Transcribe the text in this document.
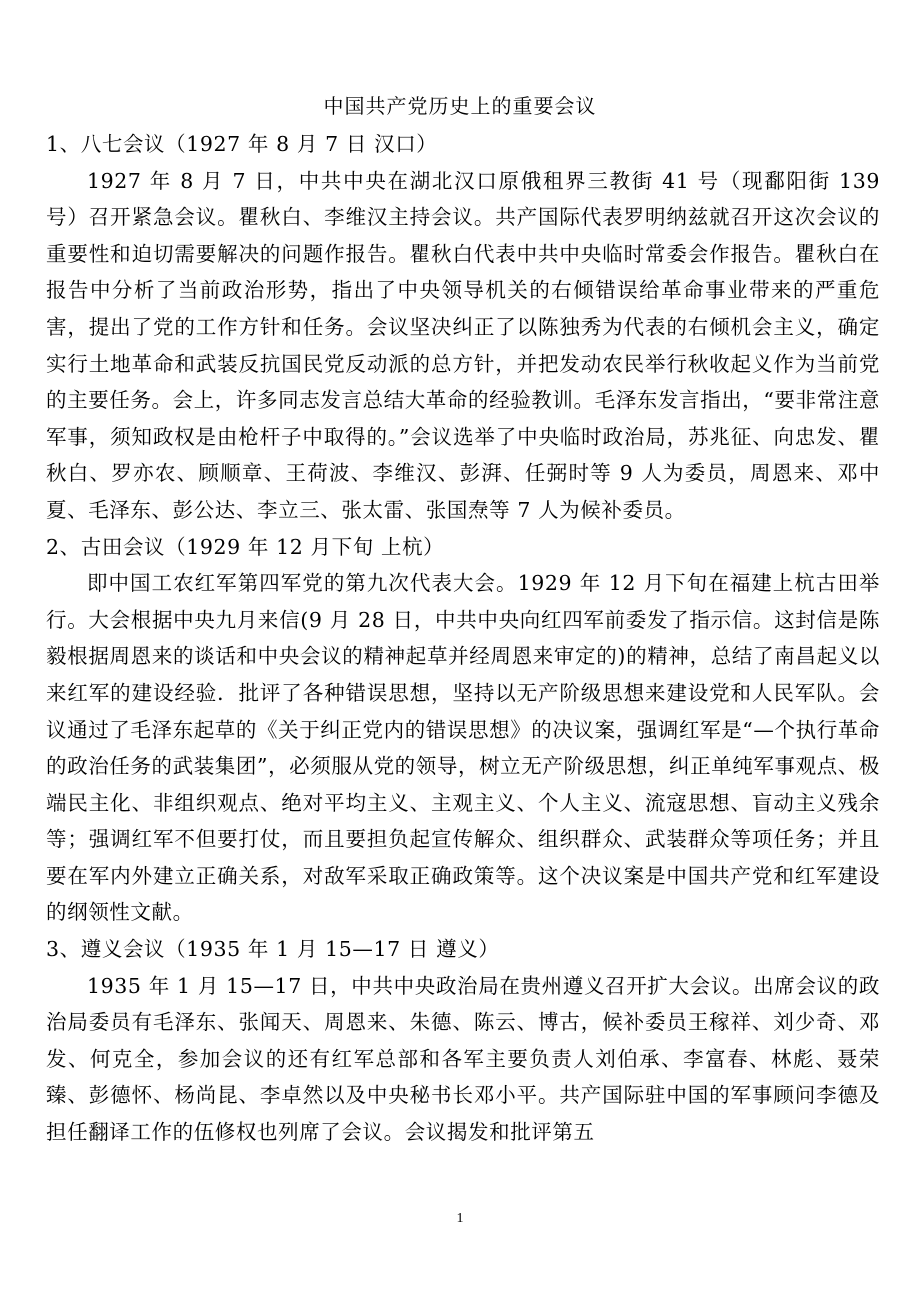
中国共产党历史上的重要会议

1、八七会议（1927 年 8 月 7 日 汉口）

1927 年 8 月 7 日，中共中央在湖北汉口原俄租界三教街 41 号（现鄱阳街 139 号）召开紧急会议。瞿秋白、李维汉主持会议。共产国际代表罗明纳兹就召开这次会议的重要性和迫切需要解决的问题作报告。瞿秋白代表中共中央临时常委会作报告。瞿秋白在报告中分析了当前政治形势，指出了中央领导机关的右倾错误给革命事业带来的严重危害，提出了党的工作方针和任务。会议坚决纠正了以陈独秀为代表的右倾机会主义，确定实行土地革命和武装反抗国民党反动派的总方针，并把发动农民举行秋收起义作为当前党的主要任务。会上，许多同志发言总结大革命的经验教训。毛泽东发言指出，“要非常注意军事，须知政权是由枪杆子中取得的。”会议选举了中央临时政治局，苏兆征、向忠发、瞿秋白、罗亦农、顾顺章、王荷波、李维汉、彭湃、任弼时等 9 人为委员，周恩来、邓中夏、毛泽东、彭公达、李立三、张太雷、张国焘等 7 人为候补委员。

2、古田会议（1929 年 12 月下旬 上杭）

即中国工农红军第四军党的第九次代表大会。1929 年 12 月下旬在福建上杭古田举行。大会根据中央九月来信(9 月 28 日，中共中央向红四军前委发了指示信。这封信是陈毅根据周恩来的谈话和中央会议的精神起草并经周恩来审定的)的精神，总结了南昌起义以来红军的建设经验．批评了各种错误思想，坚持以无产阶级思想来建设党和人民军队。会议通过了毛泽东起草的《关于纠正党内的错误思想》的决议案，强调红军是“—个执行革命的政治任务的武装集团”，必须服从党的领导，树立无产阶级思想，纠正单纯军事观点、极端民主化、非组织观点、绝对平均主义、主观主义、个人主义、流寇思想、盲动主义残余等；强调红军不但要打仗，而且要担负起宣传解众、组织群众、武装群众等项任务；并且要在军内外建立正确关系，对敌军采取正确政策等。这个决议案是中国共产党和红军建设的纲领性文献。

3、遵义会议（1935 年 1 月 15—17 日 遵义）

1935 年 1 月 15—17 日，中共中央政治局在贵州遵义召开扩大会议。出席会议的政治局委员有毛泽东、张闻天、周恩来、朱德、陈云、博古，候补委员王稼祥、刘少奇、邓发、何克全，参加会议的还有红军总部和各军主要负责人刘伯承、李富春、林彪、聂荣臻、彭德怀、杨尚昆、李卓然以及中央秘书长邓小平。共产国际驻中国的军事顾问李德及担任翻译工作的伍修权也列席了会议。会议揭发和批评第五

1
